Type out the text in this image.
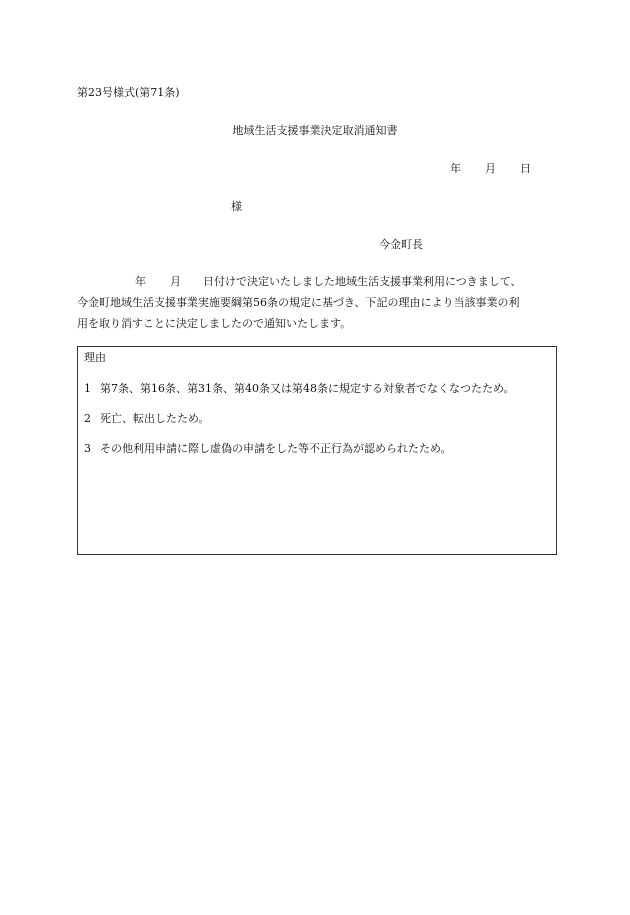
第23号様式(第71条)
地域生活支援事業決定取消通知書
年 月 日
様
今金町長
年 月 日付けで決定いたしました地域生活支援事業利用につきまして、
今金町地域生活支援事業実施要綱第56条の規定に基づき、下記の理由により当該事業の利
用を取り消すことに決定しましたので通知いたします。
理由
1 第7条、第16条、第31条、第40条又は第48条に規定する対象者でなくなつたため。
2 死亡、転出したため。
3 その他利用申請に際し虚偽の申請をした等不正行為が認められたため。
